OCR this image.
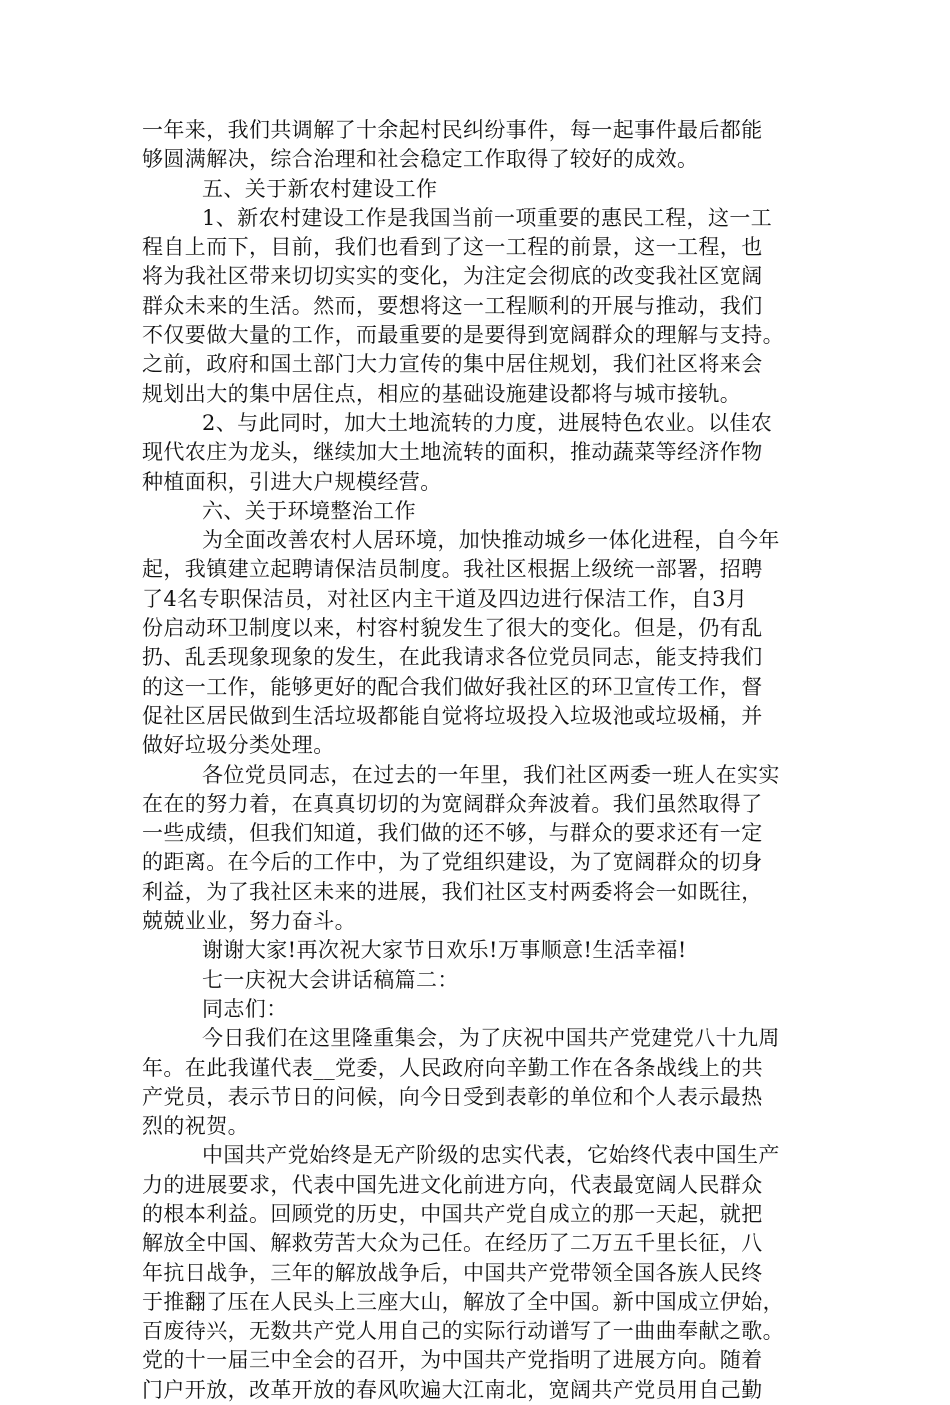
一年来，我们共调解了十余起村民纠纷事件，每一起事件最后都能
够圆满解决，综合治理和社会稳定工作取得了较好的成效。
五、关于新农村建设工作
1、新农村建设工作是我国当前一项重要的惠民工程，这一工
程自上而下，目前，我们也看到了这一工程的前景，这一工程，也
将为我社区带来切切实实的变化，为注定会彻底的改变我社区宽阔
群众未来的生活。然而，要想将这一工程顺利的开展与推动，我们
不仅要做大量的工作，而最重要的是要得到宽阔群众的理解与支持。
之前，政府和国土部门大力宣传的集中居住规划，我们社区将来会
规划出大的集中居住点，相应的基础设施建设都将与城市接轨。
2、与此同时，加大土地流转的力度，进展特色农业。以佳农
现代农庄为龙头，继续加大土地流转的面积，推动蔬菜等经济作物
种植面积，引进大户规模经营。
六、关于环境整治工作
为全面改善农村人居环境，加快推动城乡一体化进程，自今年
起，我镇建立起聘请保洁员制度。我社区根据上级统一部署，招聘
了4名专职保洁员，对社区内主干道及四边进行保洁工作，自3月
份启动环卫制度以来，村容村貌发生了很大的变化。但是，仍有乱
扔、乱丢现象现象的发生，在此我请求各位党员同志，能支持我们
的这一工作，能够更好的配合我们做好我社区的环卫宣传工作，督
促社区居民做到生活垃圾都能自觉将垃圾投入垃圾池或垃圾桶，并
做好垃圾分类处理。
各位党员同志，在过去的一年里，我们社区两委一班人在实实
在在的努力着，在真真切切的为宽阔群众奔波着。我们虽然取得了
一些成绩，但我们知道，我们做的还不够，与群众的要求还有一定
的距离。在今后的工作中，为了党组织建设，为了宽阔群众的切身
利益，为了我社区未来的进展，我们社区支村两委将会一如既往，
兢兢业业，努力奋斗。
谢谢大家!再次祝大家节日欢乐!万事顺意!生活幸福!
七一庆祝大会讲话稿篇二：
同志们：
今日我们在这里隆重集会，为了庆祝中国共产党建党八十九周
年。在此我谨代表__党委，人民政府向辛勤工作在各条战线上的共
产党员，表示节日的问候，向今日受到表彰的单位和个人表示最热
烈的祝贺。
中国共产党始终是无产阶级的忠实代表，它始终代表中国生产
力的进展要求，代表中国先进文化前进方向，代表最宽阔人民群众
的根本利益。回顾党的历史，中国共产党自成立的那一天起，就把
解放全中国、解救劳苦大众为己任。在经历了二万五千里长征，八
年抗日战争，三年的解放战争后，中国共产党带领全国各族人民终
于推翻了压在人民头上三座大山，解放了全中国。新中国成立伊始，
百废待兴，无数共产党人用自己的实际行动谱写了一曲曲奉献之歌。
党的十一届三中全会的召开，为中国共产党指明了进展方向。随着
门户开放，改革开放的春风吹遍大江南北，宽阔共产党员用自己勤
